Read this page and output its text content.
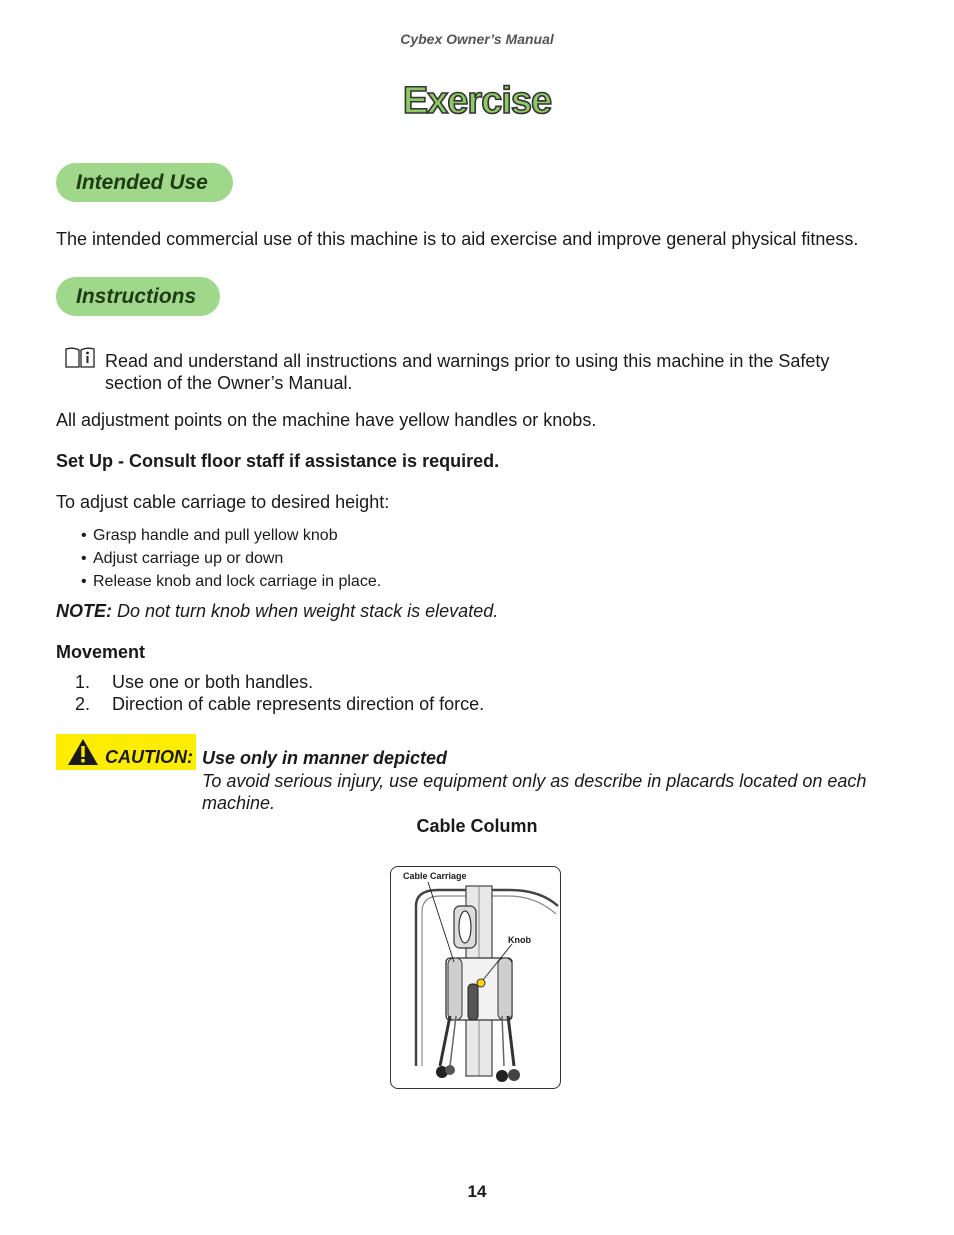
Cybex Owner’s Manual
Exercise
Intended Use
The intended commercial use of this machine is to aid exercise and improve general physical fitness.
Instructions
Read and understand all instructions and warnings prior to using this machine in the Safety
section of the Owner’s Manual.
All adjustment points on the machine have yellow handles or knobs.
Set Up - Consult floor staff if assistance is required.
To adjust cable carriage to desired height:
• Grasp handle and pull yellow knob
• Adjust carriage up or down
• Release knob and lock carriage in place.
NOTE: Do not turn knob when weight stack is elevated.
Movement
1. Use one or both handles.
2. Direction of cable represents direction of force.
CAUTION: Use only in manner depicted
To avoid serious injury, use equipment only as describe in placards located on each
machine.
Cable Column
Cable Carriage
Knob
14
